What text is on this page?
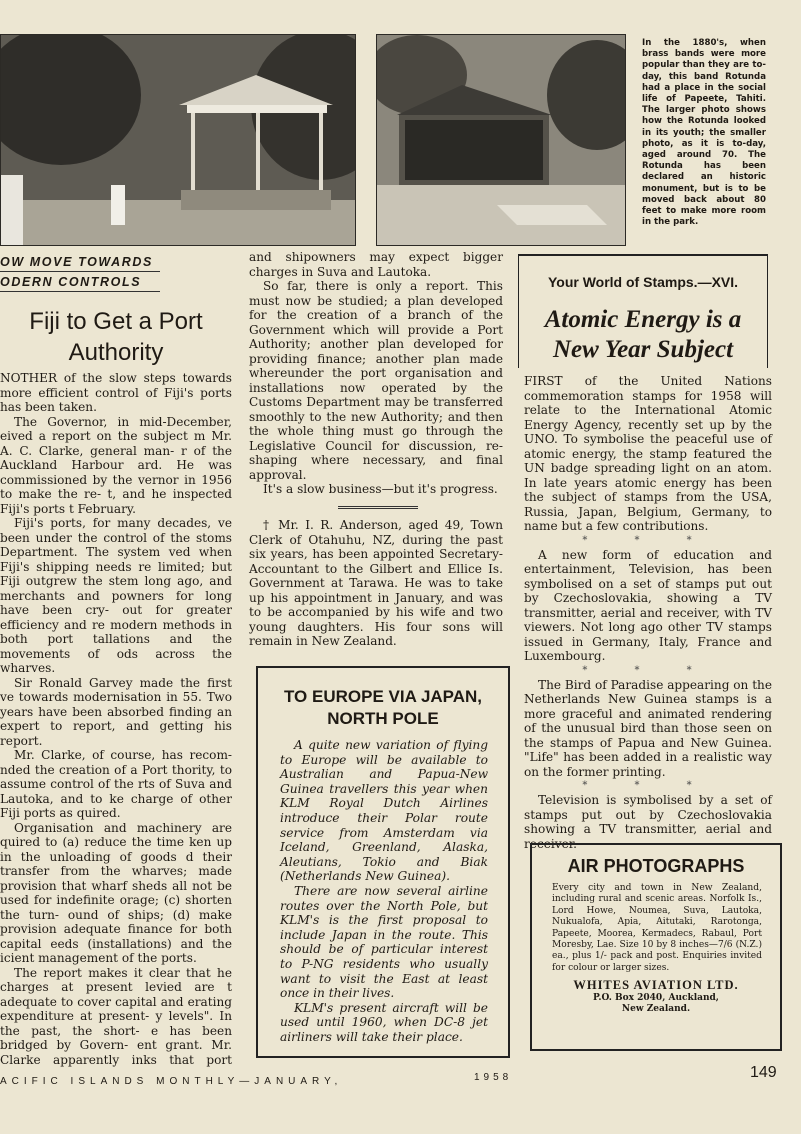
In the 1880's, when brass bands were more popular than they are to-day, this band Rotunda had a place in the social life of Papeete, Tahiti. The larger photo shows how the Rotunda looked in its youth; the smaller photo, as it is to-day, aged around 70. The Rotunda has been declared an historic monument, but is to be moved back about 80 feet to make more room in the park.
OW MOVE TOWARDS
ODERN CONTROLS
Fiji to Get a Port
Authority

NOTHER of the slow steps towards more efficient control of Fiji's ports has been taken.

The Governor, in mid-December, eived a report on the subject m Mr. A. C. Clarke, general man- r of the Auckland Harbour ard. He was commissioned by the vernor in 1956 to make the re- t, and he inspected Fiji's ports t February.

Fiji's ports, for many decades, ve been under the control of the stoms Department. The system ved when Fiji's shipping needs re limited; but Fiji outgrew the stem long ago, and merchants and powners for long have been cry- out for greater efficiency and re modern methods in both port tallations and the movements of ods across the wharves.

Sir Ronald Garvey made the first ve towards modernisation in 55. Two years have been absorbed finding an expert to report, and getting his report.

Mr. Clarke, of course, has recom- nded the creation of a Port thority, to assume control of the rts of Suva and Lautoka, and to ke charge of other Fiji ports as quired.

Organisation and machinery are quired to (a) reduce the time ken up in the unloading of goods d their transfer from the wharves; made provision that wharf sheds all not be used for indefinite orage; (c) shorten the turn- ound of ships; (d) make provision adequate finance for both capital eeds (installations) and the icient management of the ports.

The report makes it clear that he charges at present levied are t adequate to cover capital and erating expenditure at present- y levels". In the past, the short- e has been bridged by Govern- ent grant. Mr. Clarke apparently inks that port

and shipowners may expect bigger charges in Suva and Lautoka.

So far, there is only a report. This must now be studied; a plan developed for the creation of a branch of the Government which will provide a Port Authority; another plan developed for providing finance; another plan made whereunder the port organisation and installations now operated by the Customs Department may be transferred smoothly to the new Authority; and then the whole thing must go through the Legislative Council for discussion, re-shaping where necessary, and final approval.

It's a slow business—but it's progress.

† Mr. I. R. Anderson, aged 49, Town Clerk of Otahuhu, NZ, during the past six years, has been appointed Secretary-Accountant to the Gilbert and Ellice Is. Government at Tarawa. He was to take up his appointment in January, and was to be accompanied by his wife and two young daughters. His four sons will remain in New Zealand.
TO EUROPE VIA JAPAN,
NORTH POLE

A quite new variation of flying to Europe will be available to Australian and Papua-New Guinea travellers this year when KLM Royal Dutch Airlines introduce their Polar route service from Amsterdam via Iceland, Greenland, Alaska, Aleutians, Tokio and Biak (Netherlands New Guinea).

There are now several airline routes over the North Pole, but KLM's is the first proposal to include Japan in the route. This should be of particular interest to P-NG residents who usually want to visit the East at least once in their lives.

KLM's present aircraft will be used until 1960, when DC-8 jet airliners will take their place.

Your World of Stamps.—XVI.
Atomic Energy is a
New Year Subject

FIRST of the United Nations commemoration stamps for 1958 will relate to the International Atomic Energy Agency, recently set up by the UNO. To symbolise the peaceful use of atomic energy, the stamp featured the UN badge spreading light on an atom. In late years atomic energy has been the subject of stamps from the USA, Russia, Japan, Belgium, Germany, to name but a few contributions.

* * *

A new form of education and entertainment, Television, has been symbolised on a set of stamps put out by Czechoslovakia, showing a TV transmitter, aerial and receiver, with TV viewers. Not long ago other TV stamps issued in Germany, Italy, France and Luxembourg.

* * *

The Bird of Paradise appearing on the Netherlands New Guinea stamps is a more graceful and animated rendering of the unusual bird than those seen on the stamps of Papua and New Guinea. "Life" has been added in a realistic way on the former printing.

* * *

Television is symbolised by a set of stamps put out by Czechoslovakia showing a TV transmitter, aerial and receiver.

AIR PHOTOGRAPHS
Every city and town in New Zealand, including rural and scenic areas. Norfolk Is., Lord Howe, Noumea, Suva, Lautoka, Nukualofa, Apia, Aitutaki, Rarotonga, Papeete, Moorea, Kermadecs, Rabaul, Port Moresby, Lae. Size 10 by 8 inches—7/6 (N.Z.) ea., plus 1/- pack and post. Enquiries invited for colour or larger sizes.
WHITES AVIATION LTD.
P.O. Box 2040, Auckland,
New Zealand.
ACIFIC ISLANDS MONTHLY—JANUARY,	1958	149
